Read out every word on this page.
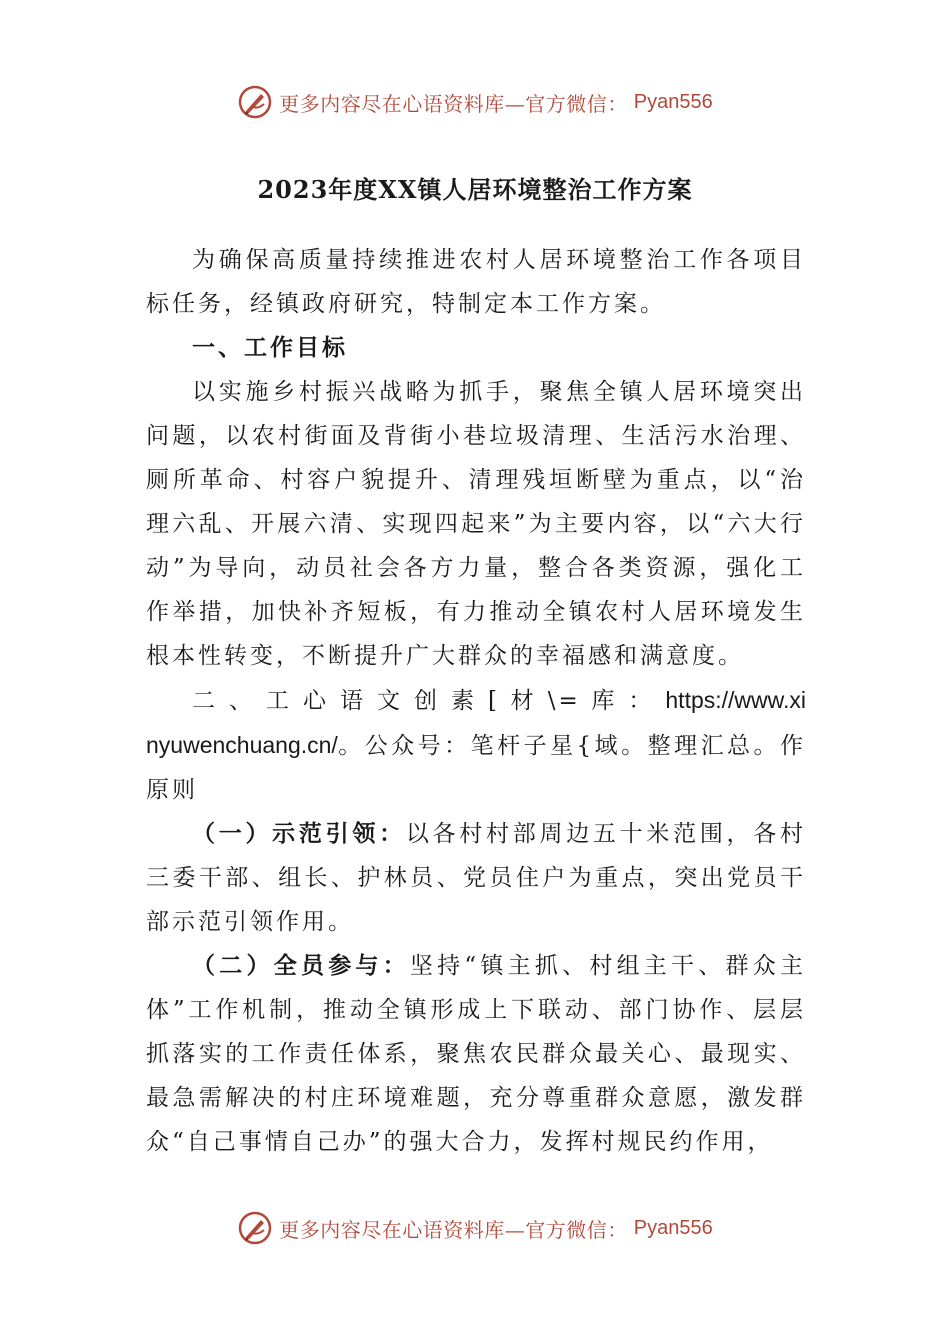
更多内容尽在心语资料库—官方微信： Pyan556
2023年度XX镇人居环境整治工作方案

为确保高质量持续推进农村人居环境整治工作各项目标任务，经镇政府研究，特制定本工作方案。

一、工作目标

以实施乡村振兴战略为抓手，聚焦全镇人居环境突出问题，以农村街面及背街小巷垃圾清理、生活污水治理、厕所革命、村容户貌提升、清理残垣断壁为重点，以“治理六乱、开展六清、实现四起来”为主要内容，以“六大行动”为导向，动员社会各方力量，整合各类资源，强化工作举措，加快补齐短板，有力推动全镇农村人居环境发生根本性转变，不断提升广大群众的幸福感和满意度。

二 、 工 心 语 文 创 素 [ 材 \= 库 ： https://www.xinyuwenchuang.cn/。公众号：笔杆子星{域。整理汇总。作原则

（一）示范引领：以各村村部周边五十米范围，各村三委干部、组长、护林员、党员住户为重点，突出党员干部示范引领作用。

（二）全员参与：坚持“镇主抓、村组主干、群众主体”工作机制，推动全镇形成上下联动、部门协作、层层抓落实的工作责任体系，聚焦农民群众最关心、最现实、最急需解决的村庄环境难题，充分尊重群众意愿，激发群众“自己事情自己办”的强大合力，发挥村规民约作用，

更多内容尽在心语资料库—官方微信： Pyan556
